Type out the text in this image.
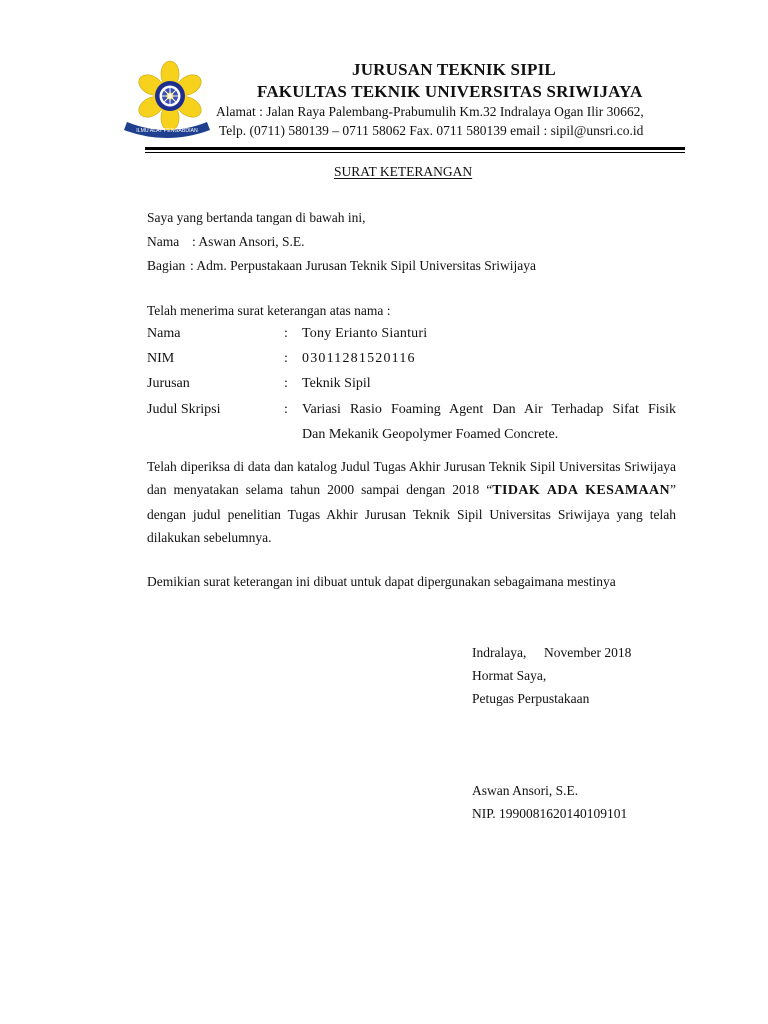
ILMU ALAT PENGABDIAN
JURUSAN TEKNIK SIPIL
FAKULTAS TEKNIK UNIVERSITAS SRIWIJAYA
Alamat : Jalan Raya Palembang-Prabumulih Km.32 Indralaya Ogan Ilir 30662,
Telp. (0711) 580139 – 0711 58062 Fax. 0711 580139 email : sipil@unsri.co.id
SURAT KETERANGAN
Saya yang bertanda tangan di bawah ini,
Nama : Aswan Ansori, S.E.
Bagian : Adm. Perpustakaan Jurusan Teknik Sipil Universitas Sriwijaya
Telah menerima surat keterangan atas nama :
Nama	: Tony Erianto Sianturi
NIM	: 03011281520116
Jurusan	: Teknik Sipil
Judul Skripsi	: Variasi Rasio Foaming Agent Dan Air Terhadap Sifat Fisik
Dan Mekanik Geopolymer Foamed Concrete.
Telah diperiksa di data dan katalog Judul Tugas Akhir Jurusan Teknik Sipil Universitas Sriwijaya dan menyatakan selama tahun 2000 sampai dengan 2018 “TIDAK ADA KESAMAAN” dengan judul penelitian Tugas Akhir Jurusan Teknik Sipil Universitas Sriwijaya yang telah dilakukan sebelumnya.
Demikian surat keterangan ini dibuat untuk dapat dipergunakan sebagaimana mestinya
Indralaya, November 2018
Hormat Saya,
Petugas Perpustakaan
Aswan Ansori, S.E.
NIP. 1990081620140109101
